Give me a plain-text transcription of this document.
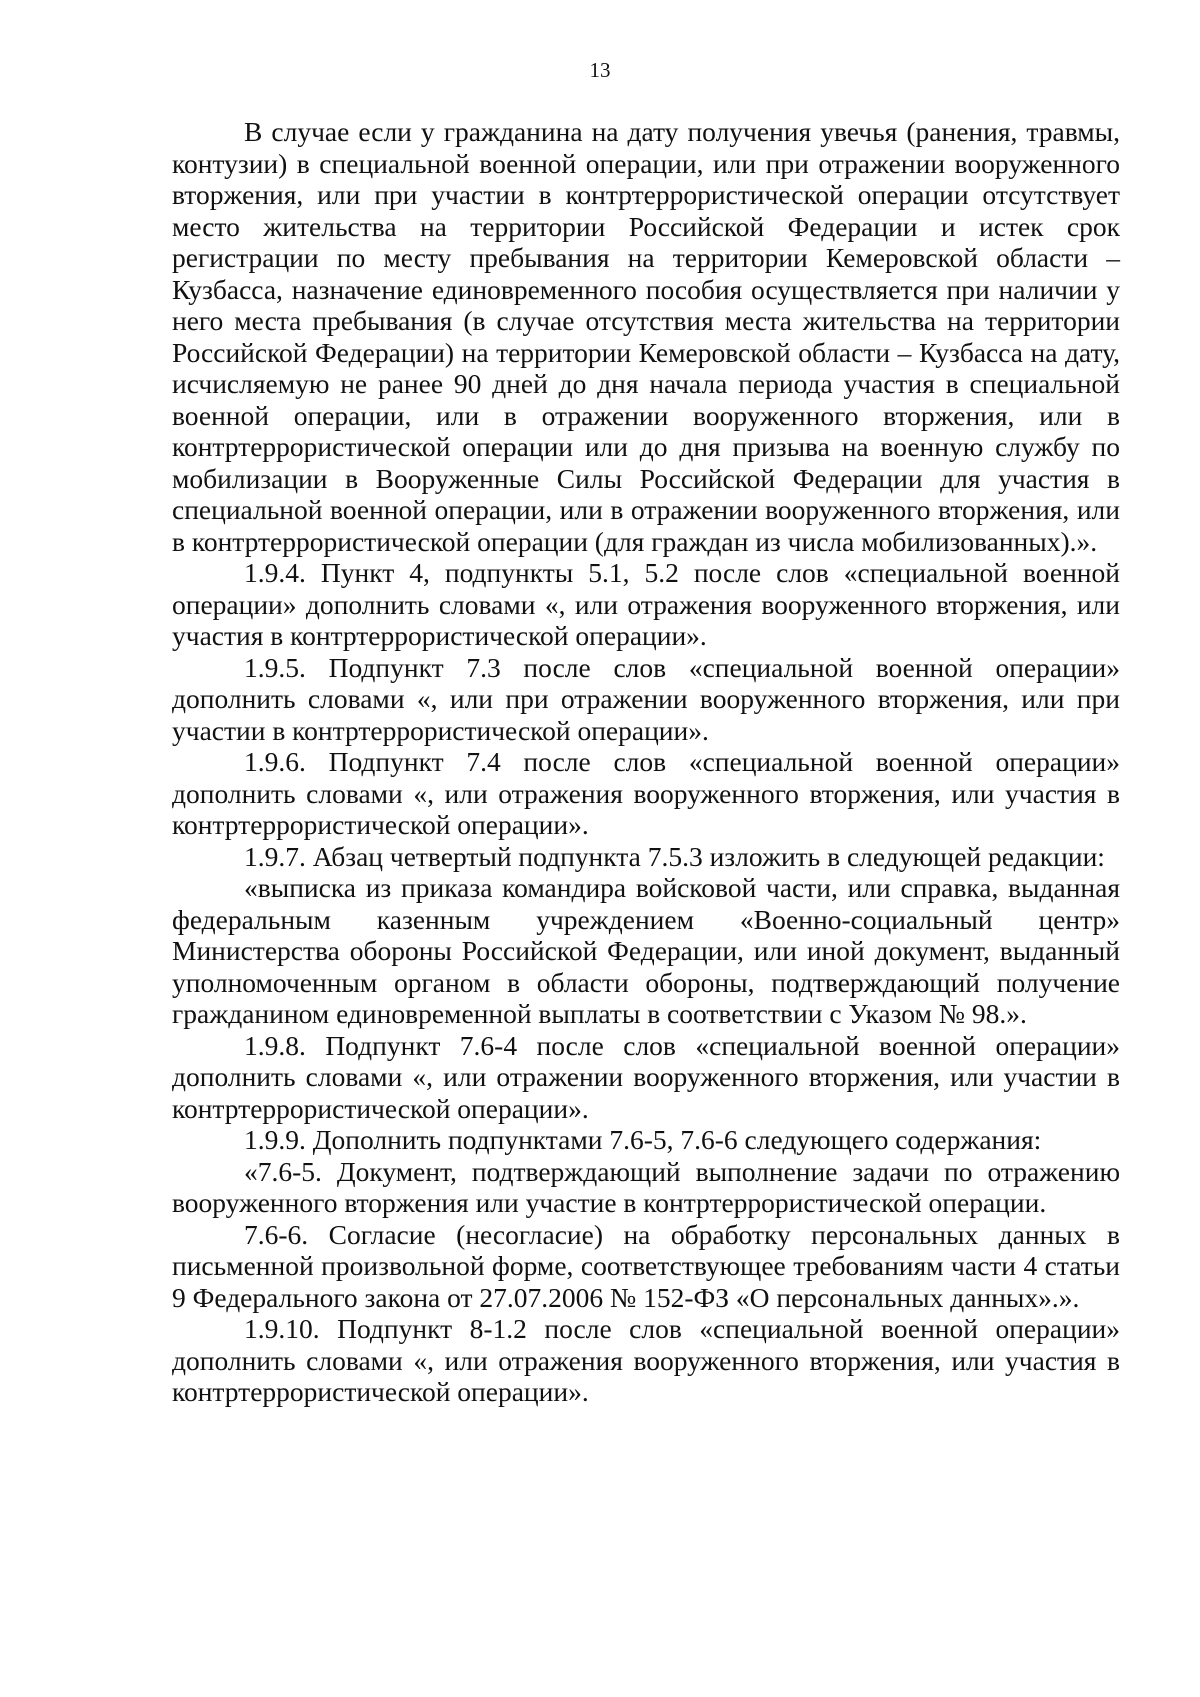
13

В случае если у гражданина на дату получения увечья (ранения, травмы, контузии) в специальной военной операции, или при отражении вооруженного вторжения, или при участии в контртеррористической операции отсутствует место жительства на территории Российской Федерации и истек срок регистрации по месту пребывания на территории Кемеровской области – Кузбасса, назначение единовременного пособия осуществляется при наличии у него места пребывания (в случае отсутствия места жительства на территории Российской Федерации) на территории Кемеровской области – Кузбасса на дату, исчисляемую не ранее 90 дней до дня начала периода участия в специальной военной операции, или в отражении вооруженного вторжения, или в контртеррористической операции или до дня призыва на военную службу по мобилизации в Вооруженные Силы Российской Федерации для участия в специальной военной операции, или в отражении вооруженного вторжения, или в контртеррористической операции (для граждан из числа мобилизованных).».

1.9.4. Пункт 4, подпункты 5.1, 5.2 после слов «специальной военной операции» дополнить словами «, или отражения вооруженного вторжения, или участия в контртеррористической операции».

1.9.5. Подпункт 7.3 после слов «специальной военной операции» дополнить словами «, или при отражении вооруженного вторжения, или при участии в контртеррористической операции».

1.9.6. Подпункт 7.4 после слов «специальной военной операции» дополнить словами «, или отражения вооруженного вторжения, или участия в контртеррористической операции».

1.9.7. Абзац четвертый подпункта 7.5.3 изложить в следующей редакции:

«выписка из приказа командира войсковой части, или справка, выданная федеральным казенным учреждением «Военно-социальный центр» Министерства обороны Российской Федерации, или иной документ, выданный уполномоченным органом в области обороны, подтверждающий получение гражданином единовременной выплаты в соответствии с Указом № 98.».

1.9.8. Подпункт 7.6-4 после слов «специальной военной операции» дополнить словами «, или отражении вооруженного вторжения, или участии в контртеррористической операции».

1.9.9. Дополнить подпунктами 7.6-5, 7.6-6 следующего содержания:

«7.6-5. Документ, подтверждающий выполнение задачи по отражению вооруженного вторжения или участие в контртеррористической операции.

7.6-6. Согласие (несогласие) на обработку персональных данных в письменной произвольной форме, соответствующее требованиям части 4 статьи 9 Федерального закона от 27.07.2006 № 152-ФЗ «О персональных данных».».

1.9.10. Подпункт 8-1.2 после слов «специальной военной операции» дополнить словами «, или отражения вооруженного вторжения, или участия в контртеррористической операции».
